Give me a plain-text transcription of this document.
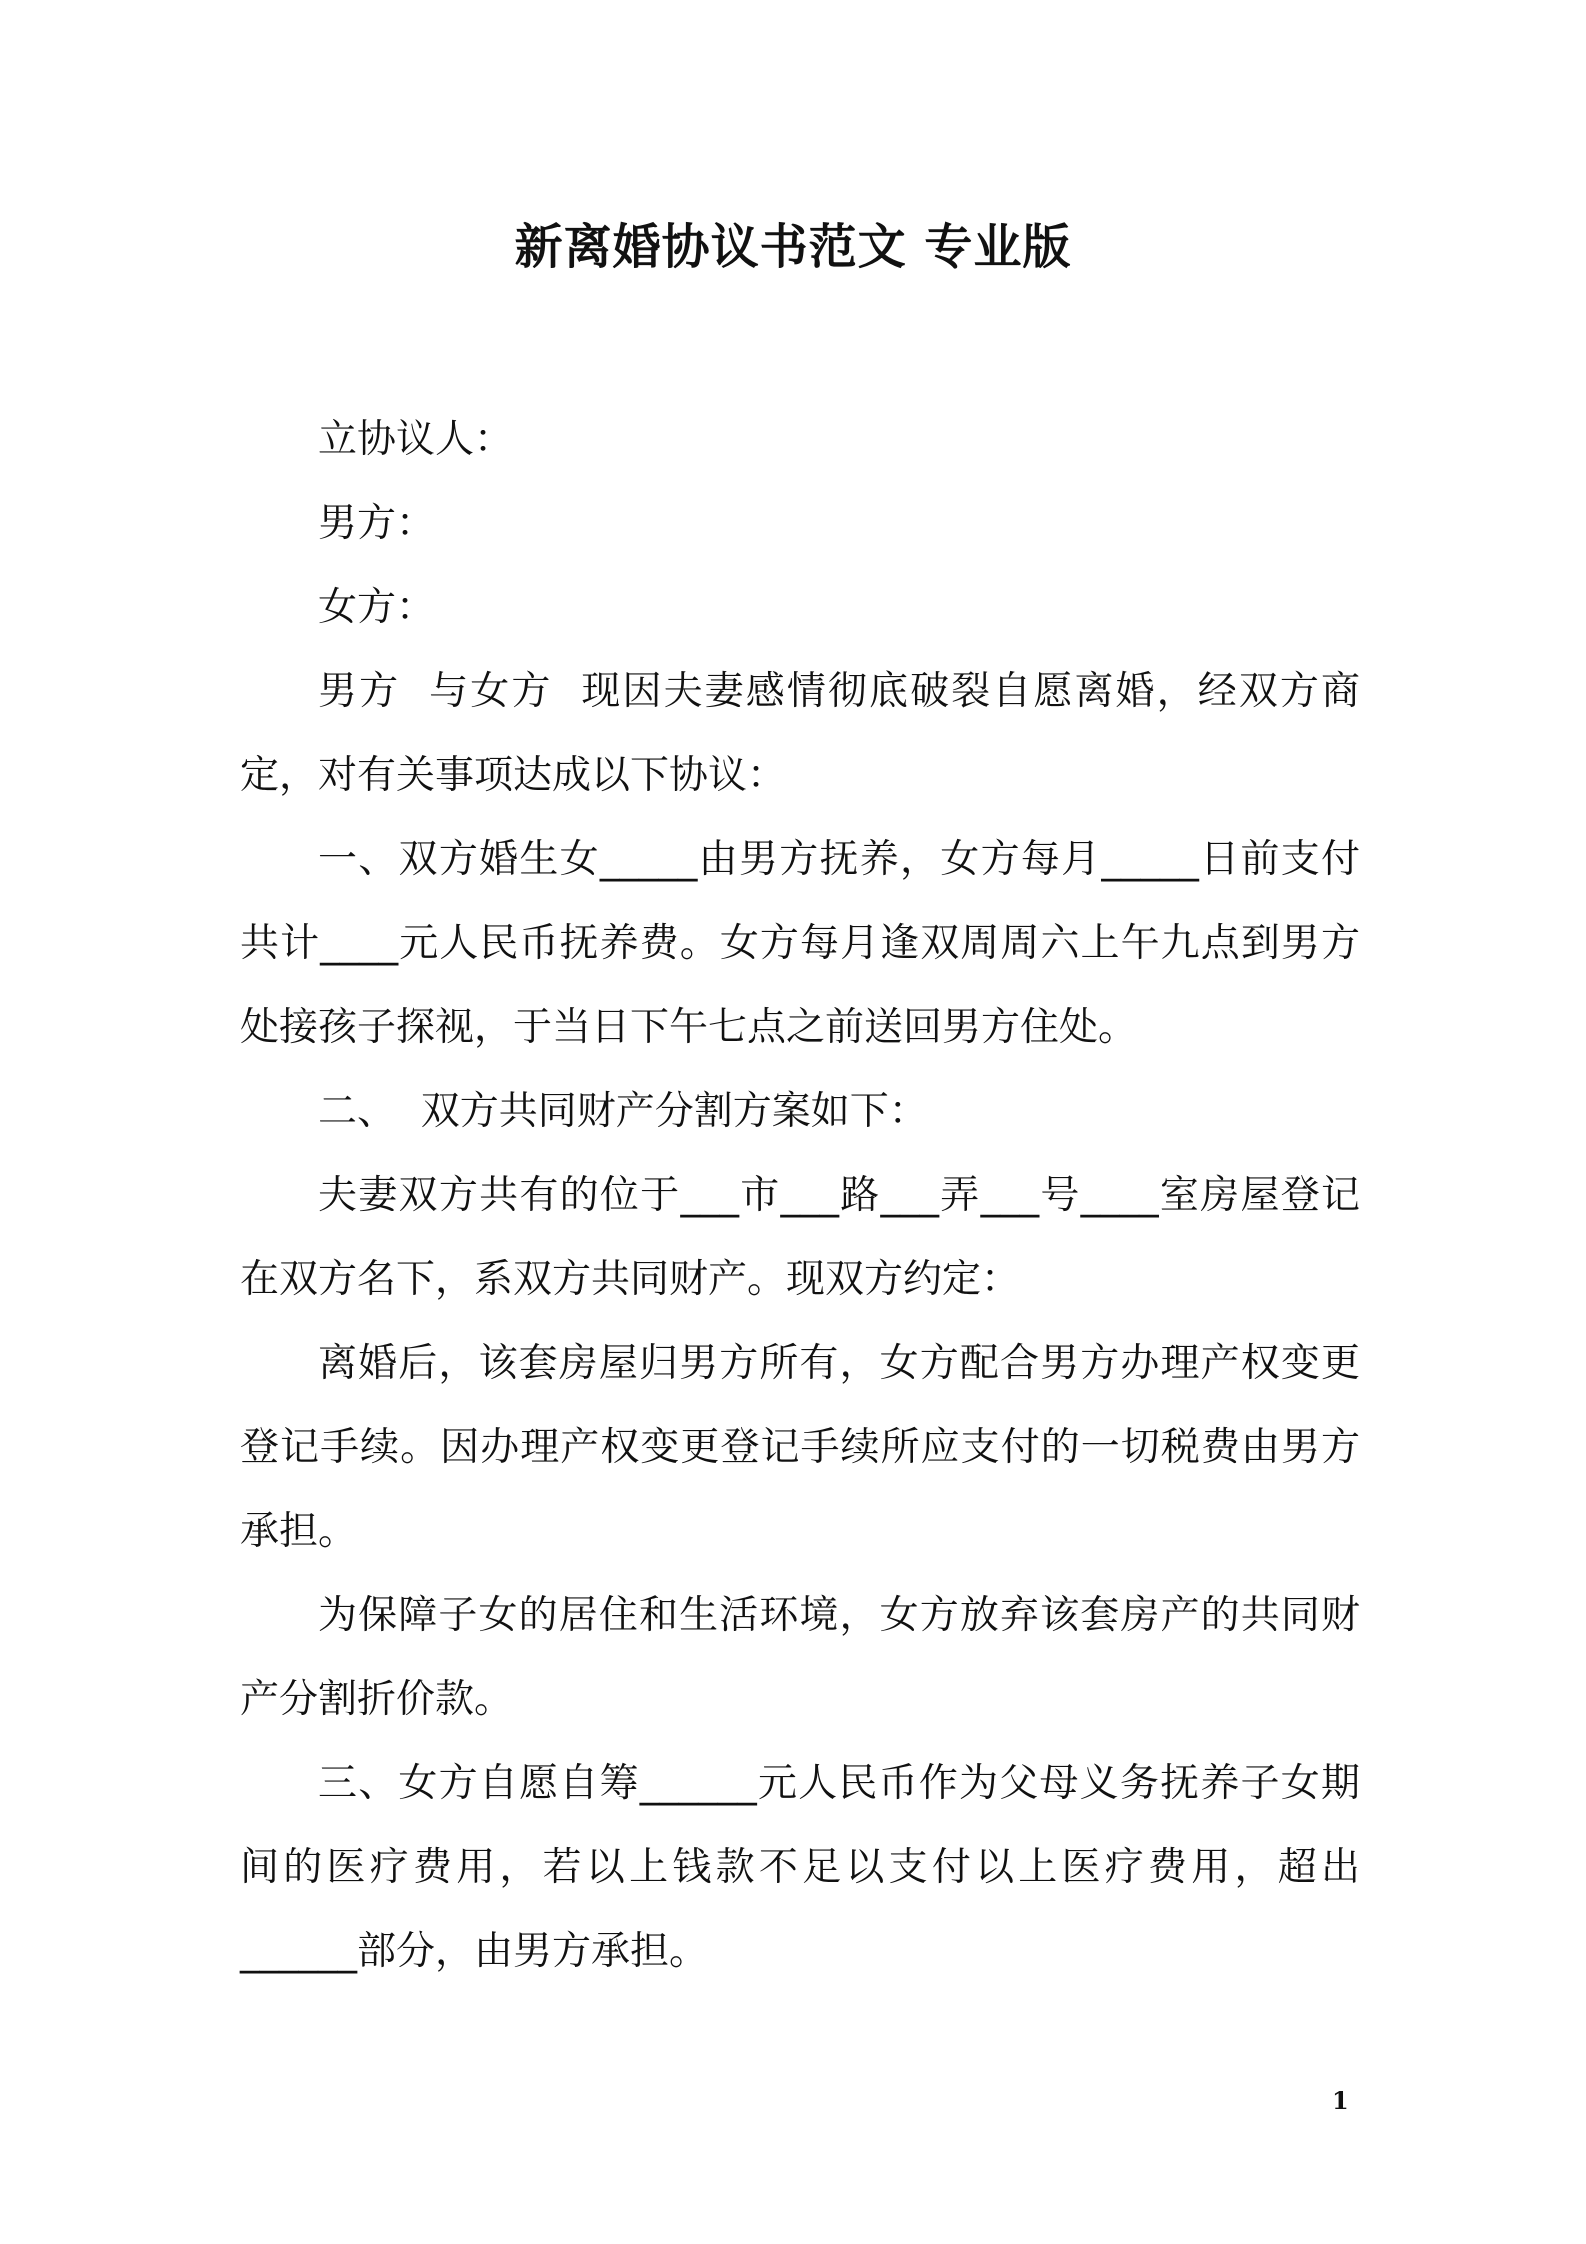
新离婚协议书范文 专业版

立协议人：

男方：

女方：

男方  与女方  现因夫妻感情彻底破裂自愿离婚，经双方商定，对有关事项达成以下协议：

一、双方婚生女_____由男方抚养，女方每月_____日前支付共计____元人民币抚养费。女方每月逢双周周六上午九点到男方处接孩子探视，于当日下午七点之前送回男方住处。

二、  双方共同财产分割方案如下：

夫妻双方共有的位于___市___路___弄___号____室房屋登记在双方名下，系双方共同财产。现双方约定：

离婚后，该套房屋归男方所有，女方配合男方办理产权变更登记手续。因办理产权变更登记手续所应支付的一切税费由男方承担。

为保障子女的居住和生活环境，女方放弃该套房产的共同财产分割折价款。

三、女方自愿自筹______元人民币作为父母义务抚养子女期间的医疗费用，若以上钱款不足以支付以上医疗费用，超出______部分，由男方承担。

1
